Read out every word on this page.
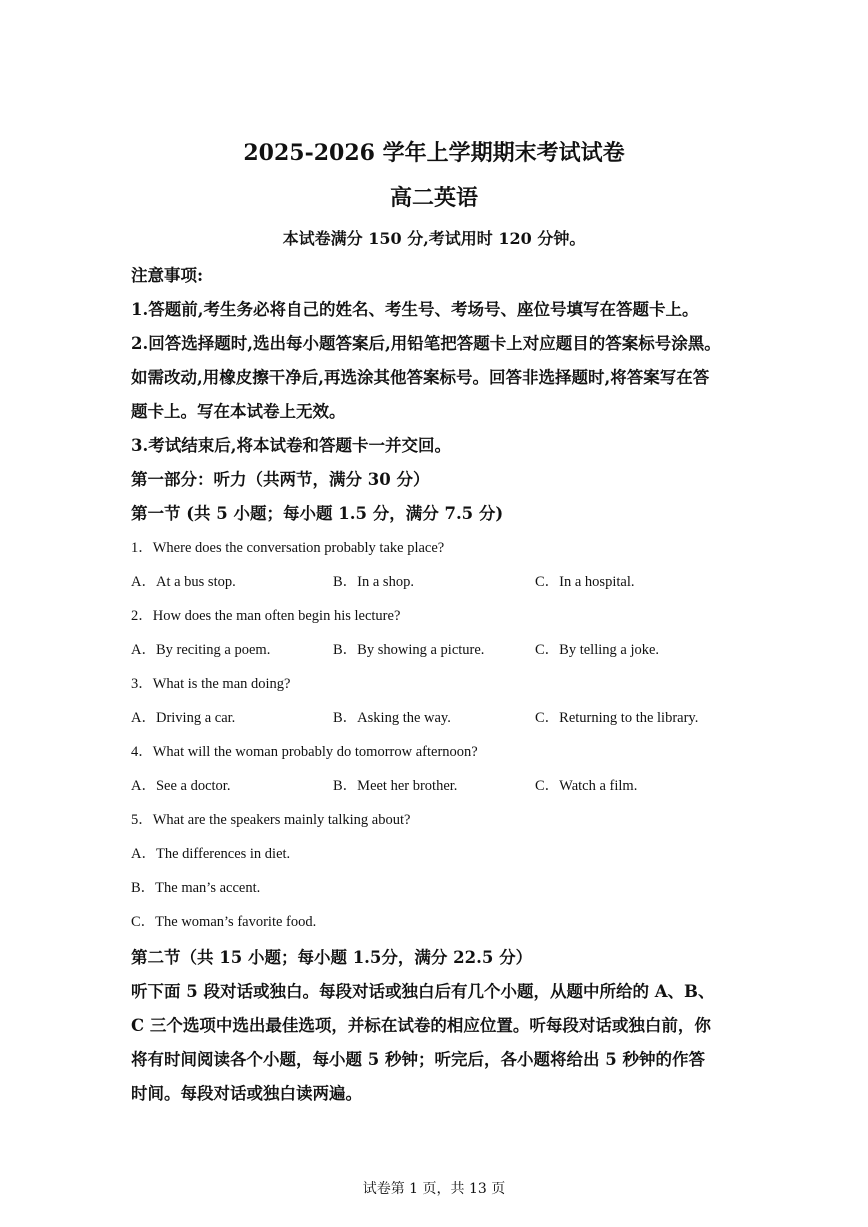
2025-2026 学年上学期期末考试试卷
高二英语
本试卷满分 150 分,考试用时 120 分钟。
注意事项:
1.答题前,考生务必将自己的姓名、考生号、考场号、座位号填写在答题卡上。
2.回答选择题时,选出每小题答案后,用铅笔把答题卡上对应题目的答案标号涂黑。
如需改动,用橡皮擦干净后,再选涂其他答案标号。回答非选择题时,将答案写在答
题卡上。写在本试卷上无效。
3.考试结束后,将本试卷和答题卡一并交回。
第一部分：听力（共两节，满分 30 分）
第一节 (共 5 小题；每小题 1.5 分，满分 7.5 分)
1．Where does the conversation probably take place?
A．At a bus stop.	B．In a shop.	C．In a hospital.
2．How does the man often begin his lecture?
A．By reciting a poem.	B．By showing a picture.	C．By telling a joke.
3．What is the man doing?
A．Driving a car.	B．Asking the way.	C．Returning to the library.
4．What will the woman probably do tomorrow afternoon?
A．See a doctor.	B．Meet her brother.	C．Watch a film.
5．What are the speakers mainly talking about?
A．The differences in diet.
B．The man’s accent.
C．The woman’s favorite food.
第二节（共 15 小题；每小题 1.5分，满分 22.5 分）
听下面 5 段对话或独白。每段对话或独白后有几个小题，从题中所给的 A、B、
C 三个选项中选出最佳选项，并标在试卷的相应位置。听每段对话或独白前，你
将有时间阅读各个小题，每小题 5 秒钟；听完后，各小题将给出 5 秒钟的作答
时间。每段对话或独白读两遍。
试卷第 1 页，共 13 页
